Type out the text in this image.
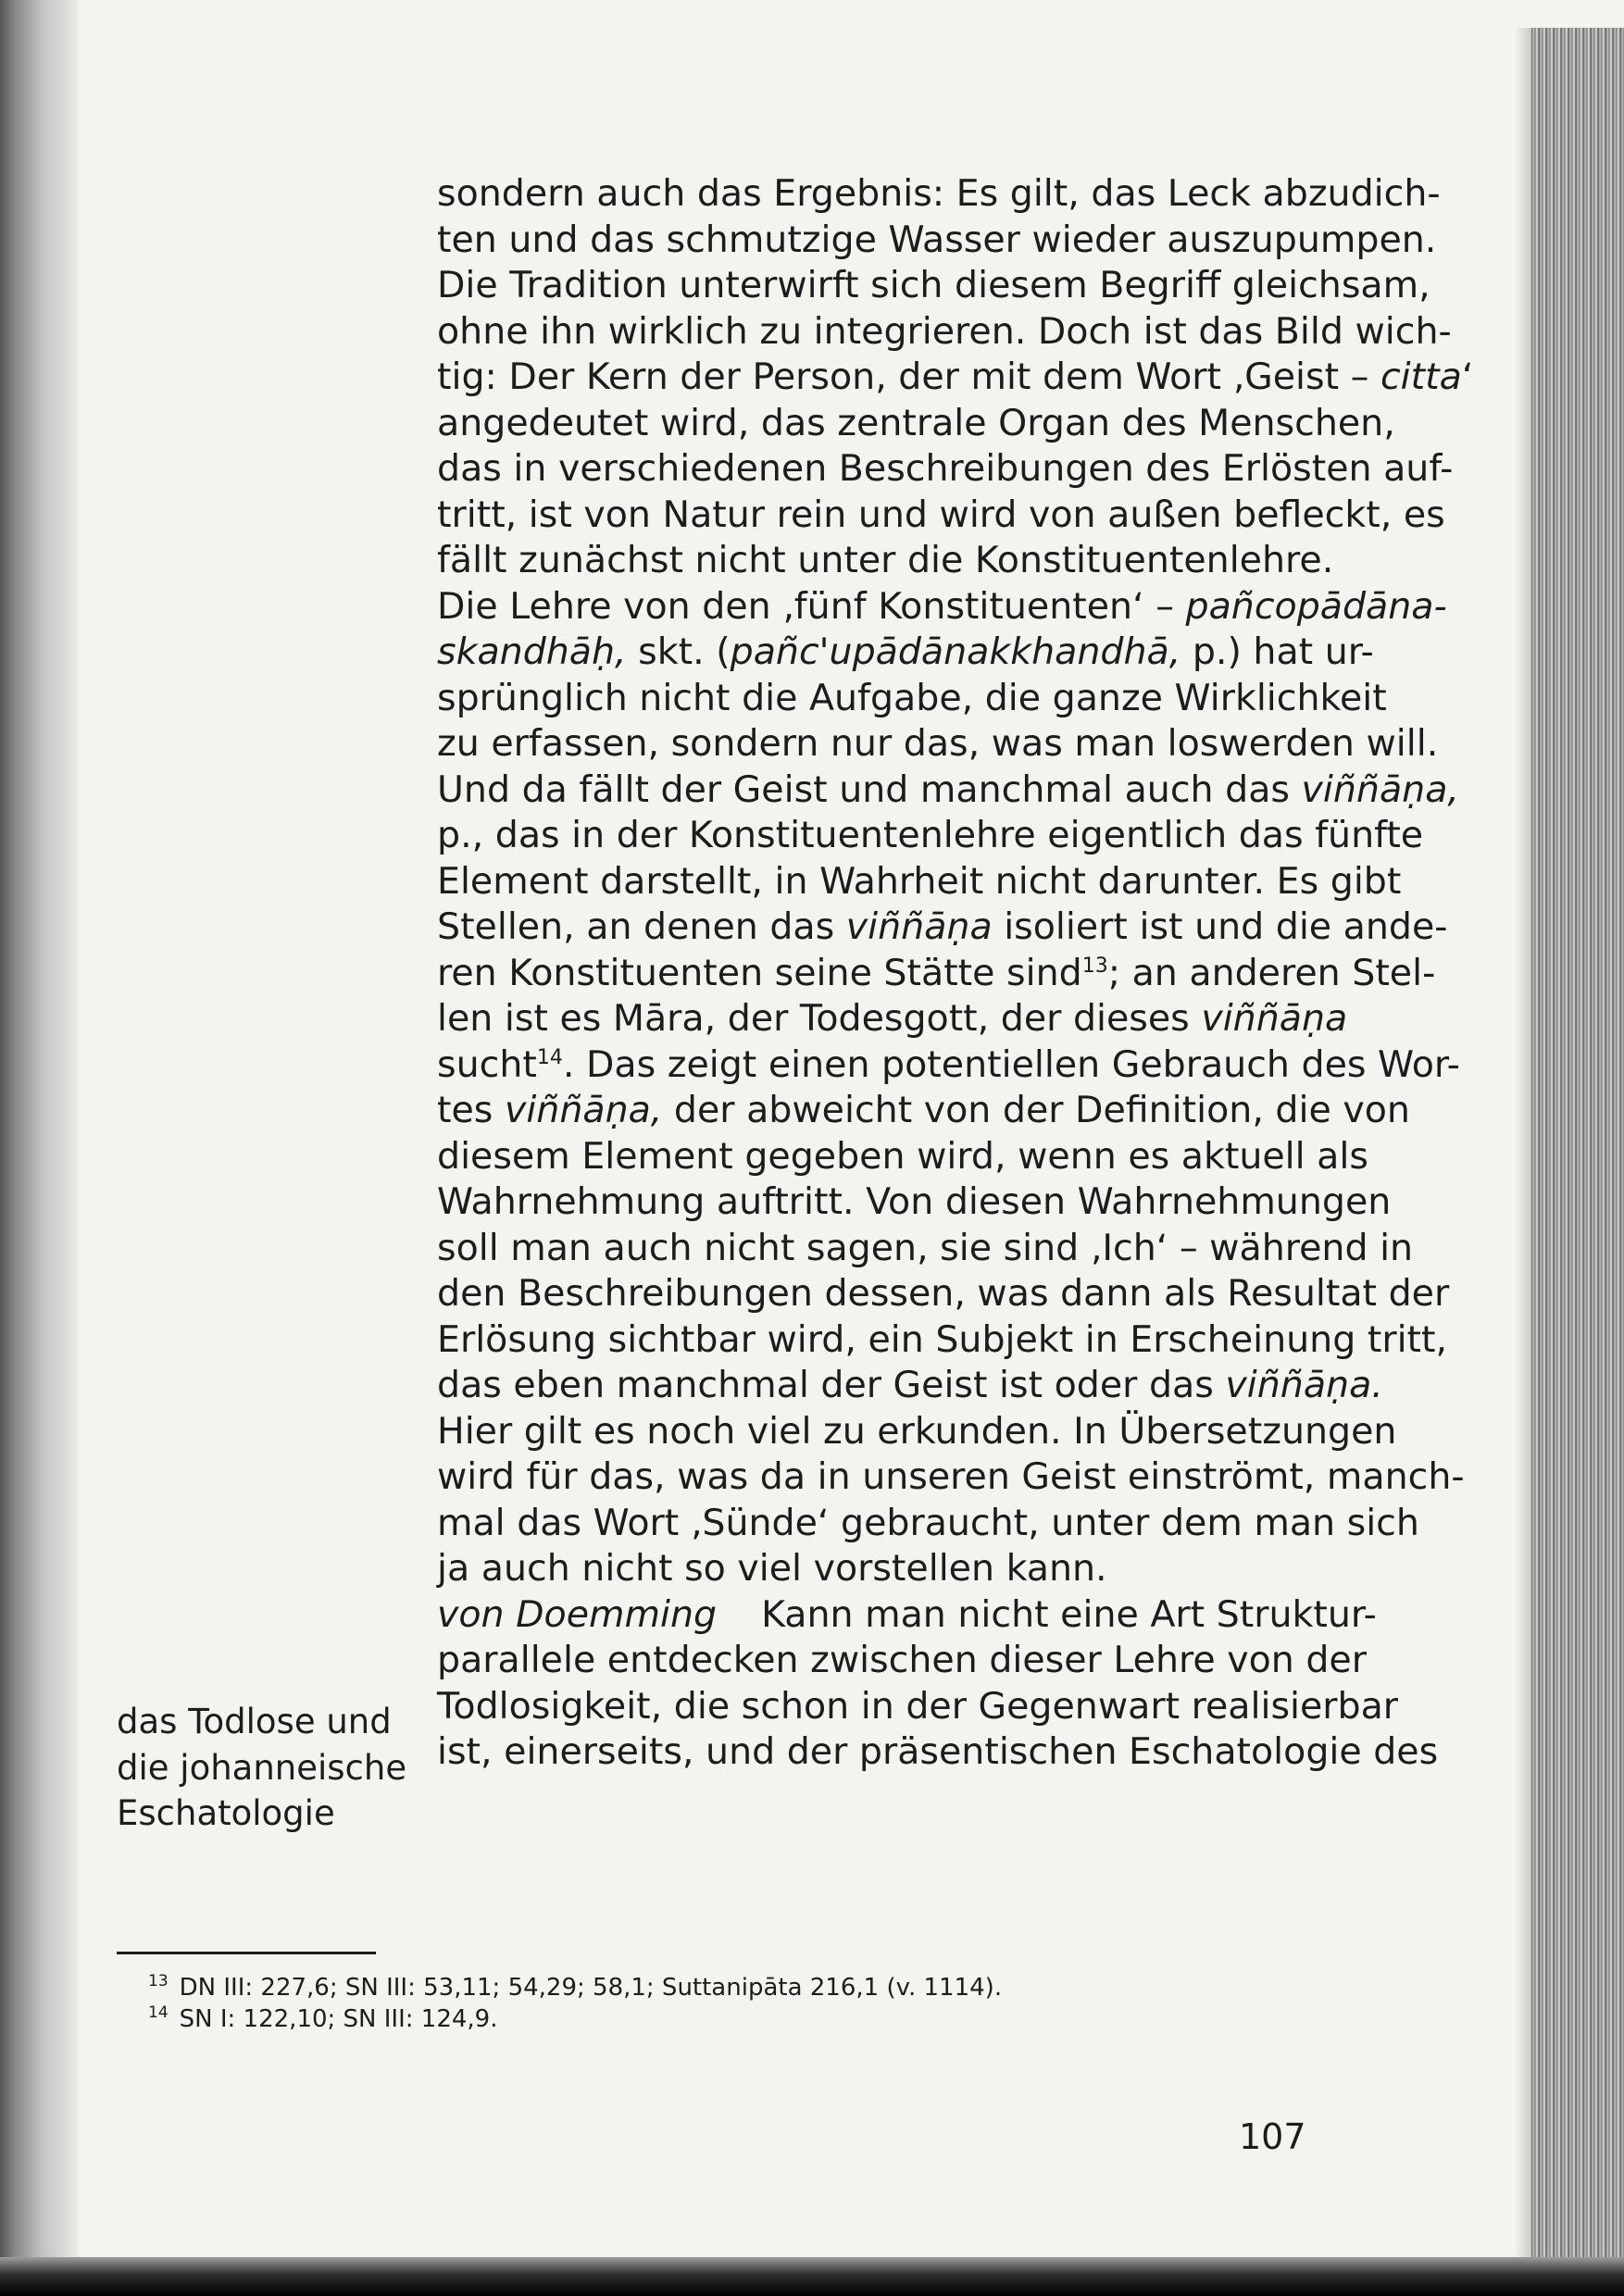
sondern auch das Ergebnis: Es gilt, das Leck abzudich-
ten und das schmutzige Wasser wieder auszupumpen.
Die Tradition unterwirft sich diesem Begriff gleichsam,
ohne ihn wirklich zu integrieren. Doch ist das Bild wich-
tig: Der Kern der Person, der mit dem Wort ‚Geist – citta‘
angedeutet wird, das zentrale Organ des Menschen,
das in verschiedenen Beschreibungen des Erlösten auf-
tritt, ist von Natur rein und wird von außen befleckt, es
fällt zunächst nicht unter die Konstituentenlehre.
Die Lehre von den ‚fünf Konstituenten‘ – pañcopādāna-
skandhāḥ, skt. (pañc'upādānakkhandhā, p.) hat ur-
sprünglich nicht die Aufgabe, die ganze Wirklichkeit
zu erfassen, sondern nur das, was man loswerden will.
Und da fällt der Geist und manchmal auch das viññāṇa,
p., das in der Konstituentenlehre eigentlich das fünfte
Element darstellt, in Wahrheit nicht darunter. Es gibt
Stellen, an denen das viññāṇa isoliert ist und die ande-
ren Konstituenten seine Stätte sind$^{13}$; an anderen Stel-
len ist es Māra, der Todesgott, der dieses viññāṇa
sucht$^{14}$. Das zeigt einen potentiellen Gebrauch des Wor-
tes viññāṇa, der abweicht von der Definition, die von
diesem Element gegeben wird, wenn es aktuell als
Wahrnehmung auftritt. Von diesen Wahrnehmungen
soll man auch nicht sagen, sie sind ‚Ich‘ – während in
den Beschreibungen dessen, was dann als Resultat der
Erlösung sichtbar wird, ein Subjekt in Erscheinung tritt,
das eben manchmal der Geist ist oder das viññāṇa.
Hier gilt es noch viel zu erkunden. In Übersetzungen
wird für das, was da in unseren Geist einströmt, manch-
mal das Wort ‚Sünde‘ gebraucht, unter dem man sich
ja auch nicht so viel vorstellen kann.
von Doemming Kann man nicht eine Art Struktur-
parallele entdecken zwischen dieser Lehre von der
Todlosigkeit, die schon in der Gegenwart realisierbar
ist, einerseits, und der präsentischen Eschatologie des
das Todlose und
die johanneische
Eschatologie
$^{13}$ DN III: 227,6; SN III: 53,11; 54,29; 58,1; Suttanipāta 216,1 (v. 1114).
$^{14}$ SN I: 122,10; SN III: 124,9.
107
